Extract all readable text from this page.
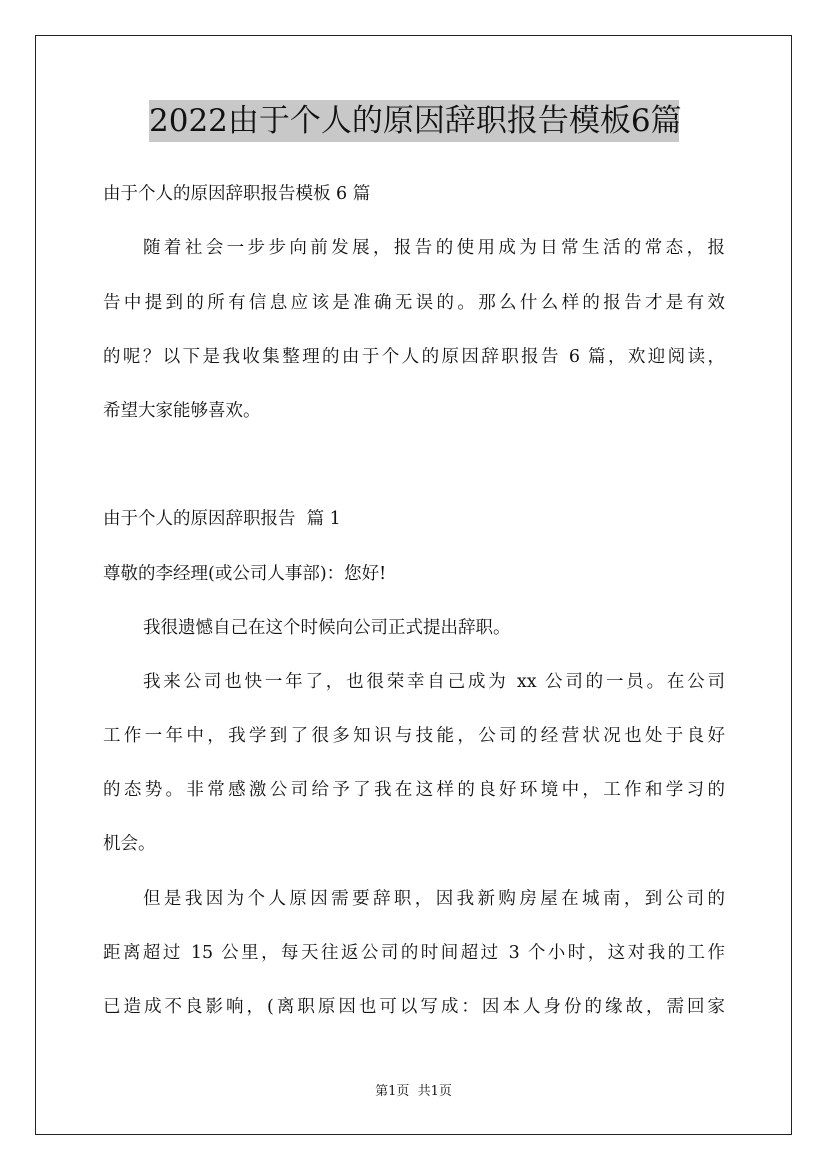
2022由于个人的原因辞职报告模板6篇
由于个人的原因辞职报告模板 6 篇
随着社会一步步向前发展，报告的使用成为日常生活的常态，报
告中提到的所有信息应该是准确无误的。那么什么样的报告才是有效
的呢？以下是我收集整理的由于个人的原因辞职报告 6 篇，欢迎阅读，
希望大家能够喜欢。
由于个人的原因辞职报告  篇 1
尊敬的李经理(或公司人事部)：您好!
我很遗憾自己在这个时候向公司正式提出辞职。
我来公司也快一年了，也很荣幸自己成为 xx 公司的一员。在公司
工作一年中，我学到了很多知识与技能，公司的经营状况也处于良好
的态势。非常感激公司给予了我在这样的良好环境中，工作和学习的
机会。
但是我因为个人原因需要辞职，因我新购房屋在城南，到公司的
距离超过 15 公里，每天往返公司的时间超过 3 个小时，这对我的工作
已造成不良影响，(离职原因也可以写成：因本人身份的缘故，需回家
第1页  共1页
